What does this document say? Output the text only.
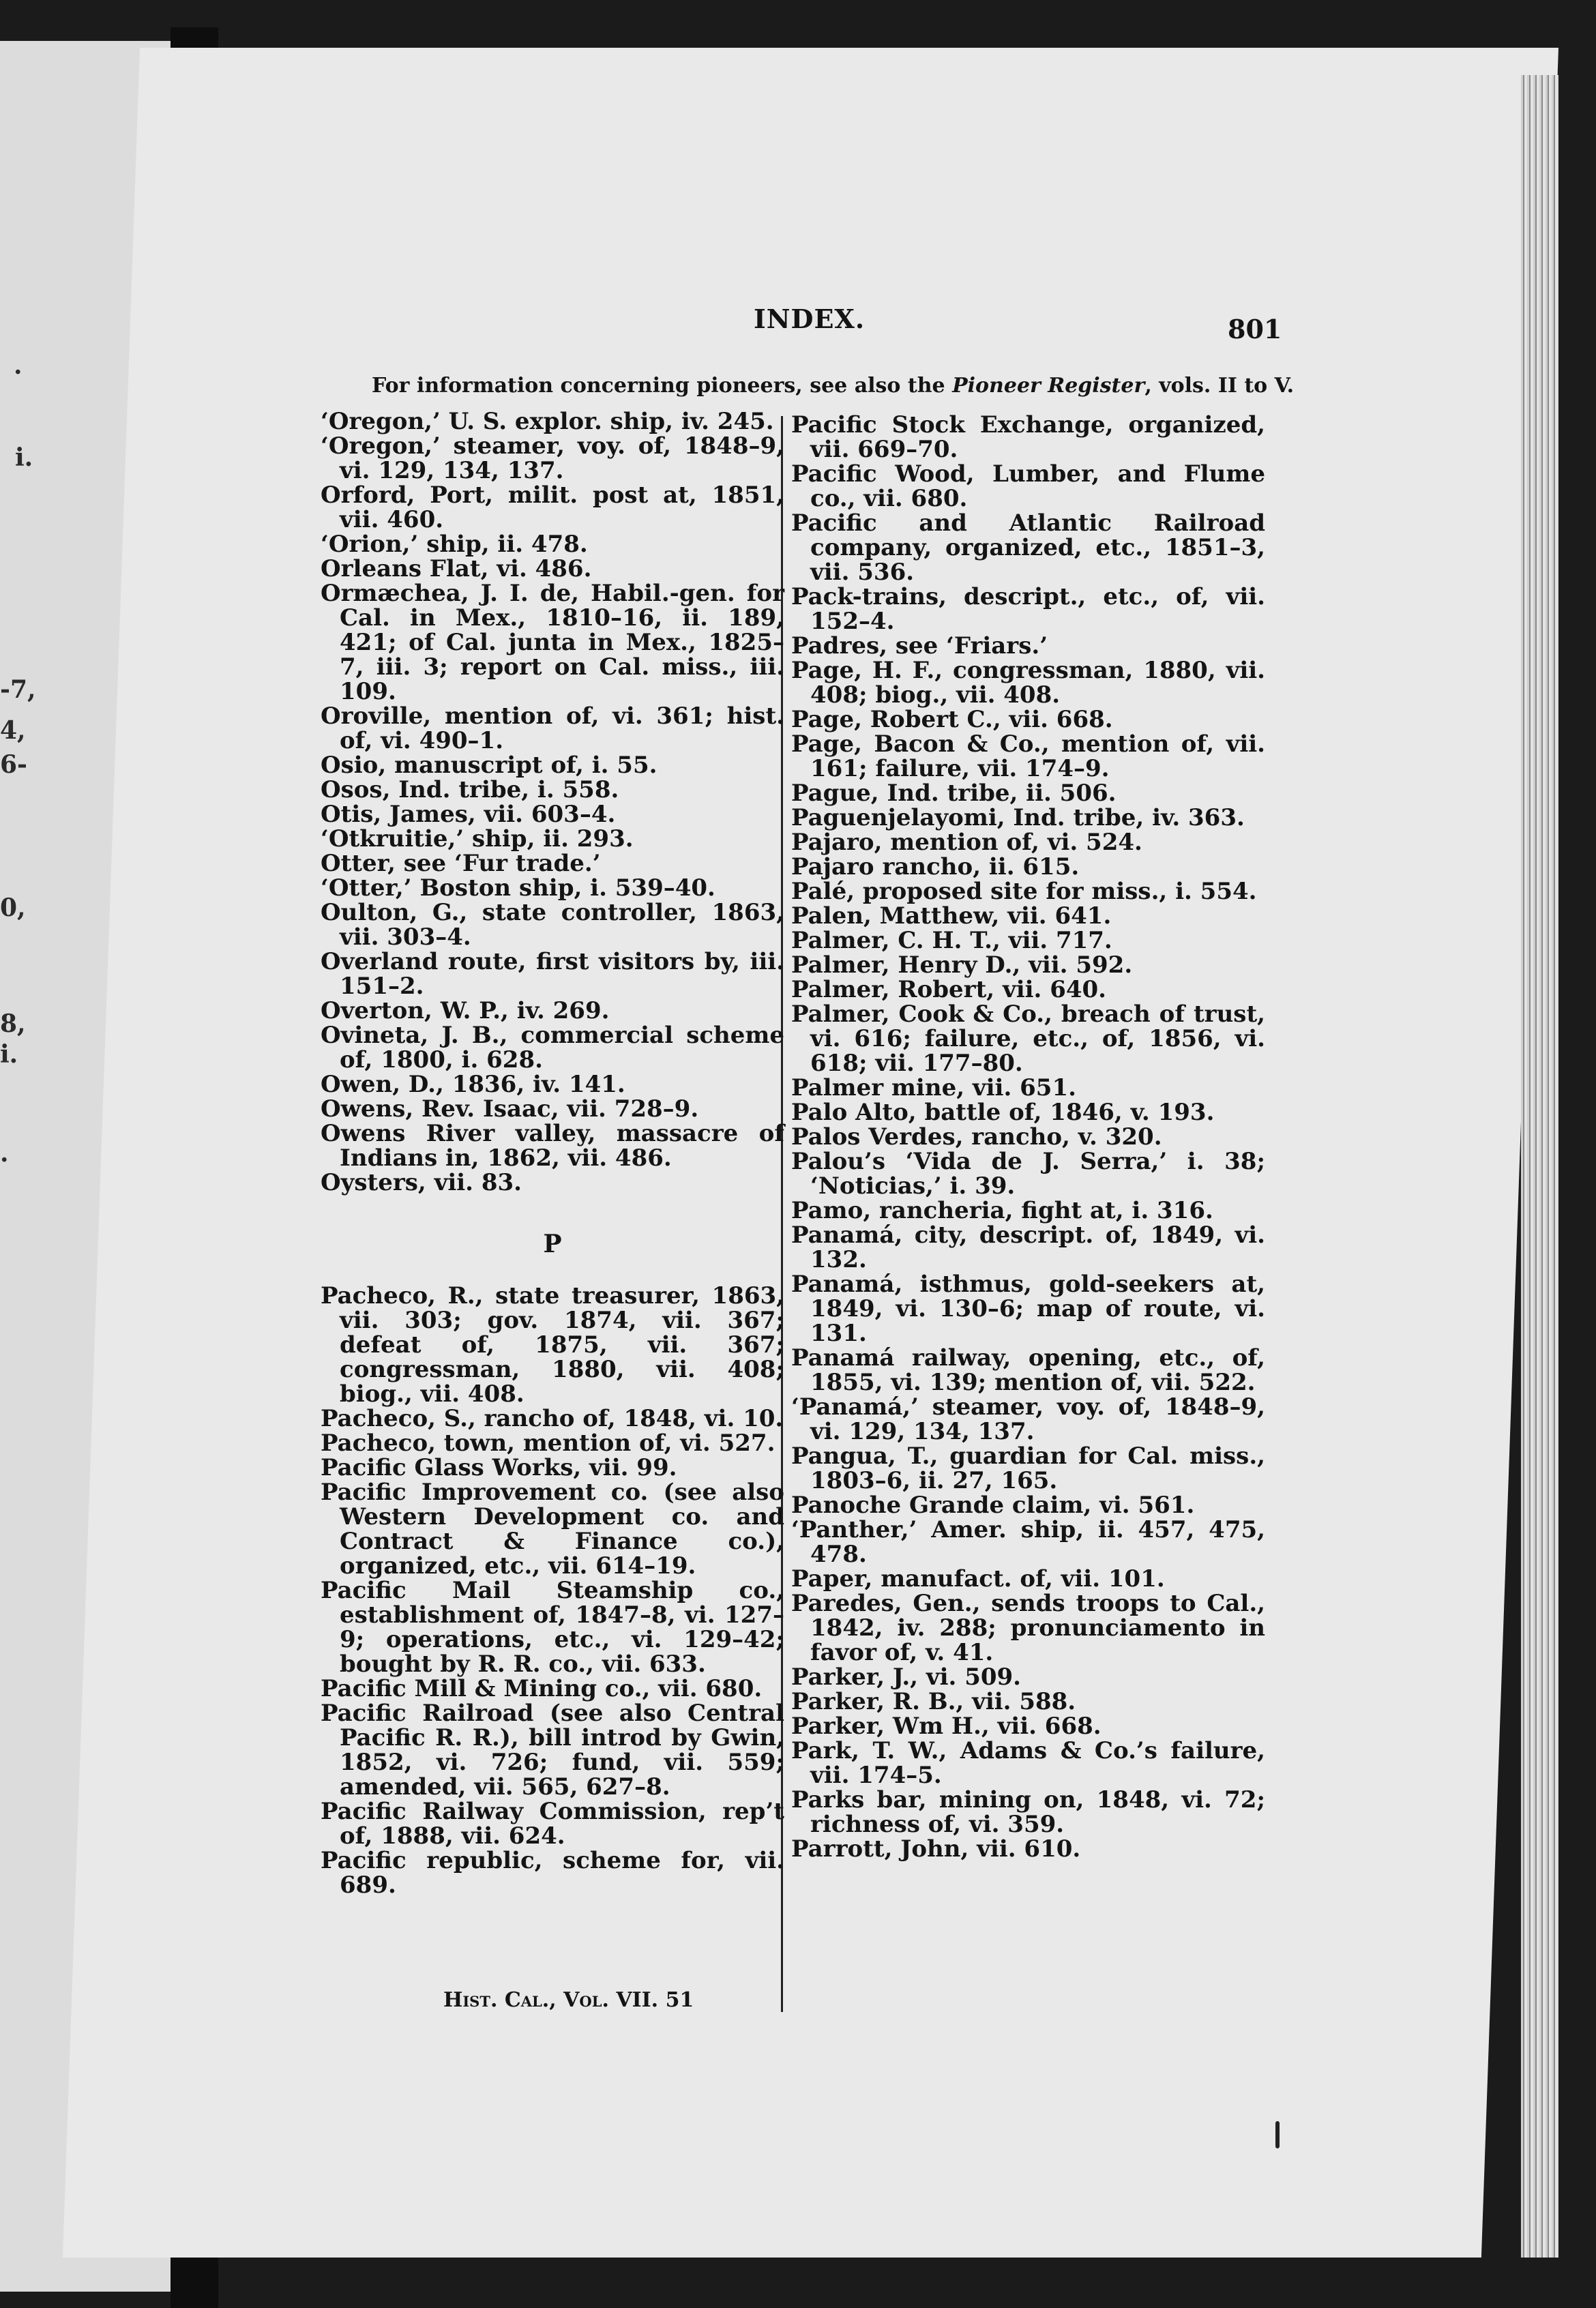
.
i.
-7,
4,
6-
0,
8,
i.
.
INDEX.	801
For information concerning pioneers, see also the Pioneer Register, vols. II to V.

‘Oregon,’ U. S. explor. ship, iv. 245.

‘Oregon,’ steamer, voy. of, 1848–9, vi. 129, 134, 137.

Orford, Port, milit. post at, 1851, vii. 460.

‘Orion,’ ship, ii. 478.

Orleans Flat, vi. 486.

Ormæchea, J. I. de, Habil.-gen. for Cal. in Mex., 1810–16, ii. 189, 421; of Cal. junta in Mex., 1825–7, iii. 3; report on Cal. miss., iii. 109.

Oroville, mention of, vi. 361; hist. of, vi. 490–1.

Osio, manuscript of, i. 55.

Osos, Ind. tribe, i. 558.

Otis, James, vii. 603–4.

‘Otkruitie,’ ship, ii. 293.

Otter, see ‘Fur trade.’

‘Otter,’ Boston ship, i. 539–40.

Oulton, G., state controller, 1863, vii. 303–4.

Overland route, first visitors by, iii. 151–2.

Overton, W. P., iv. 269.

Ovineta, J. B., commercial scheme of, 1800, i. 628.

Owen, D., 1836, iv. 141.

Owens, Rev. Isaac, vii. 728–9.

Owens River valley, massacre of Indians in, 1862, vii. 486.

Oysters, vii. 83.

P

Pacheco, R., state treasurer, 1863, vii. 303; gov. 1874, vii. 367; defeat of, 1875, vii. 367; congressman, 1880, vii. 408; biog., vii. 408.

Pacheco, S., rancho of, 1848, vi. 10.

Pacheco, town, mention of, vi. 527.

Pacific Glass Works, vii. 99.

Pacific Improvement co. (see also Western Development co. and Contract & Finance co.), organized, etc., vii. 614–19.

Pacific Mail Steamship co., establishment of, 1847–8, vi. 127–9; operations, etc., vi. 129–42; bought by R. R. co., vii. 633.

Pacific Mill & Mining co., vii. 680.

Pacific Railroad (see also Central Pacific R. R.), bill introd by Gwin, 1852, vi. 726; fund, vii. 559; amended, vii. 565, 627–8.

Pacific Railway Commission, rep’t of, 1888, vii. 624.

Pacific republic, scheme for, vii. 689.

Pacific Stock Exchange, organized, vii. 669–70.

Pacific Wood, Lumber, and Flume co., vii. 680.

Pacific and Atlantic Railroad company, organized, etc., 1851–3, vii. 536.

Pack-trains, descript., etc., of, vii. 152–4.

Padres, see ‘Friars.’

Page, H. F., congressman, 1880, vii. 408; biog., vii. 408.

Page, Robert C., vii. 668.

Page, Bacon & Co., mention of, vii. 161; failure, vii. 174–9.

Pague, Ind. tribe, ii. 506.

Paguenjelayomi, Ind. tribe, iv. 363.

Pajaro, mention of, vi. 524.

Pajaro rancho, ii. 615.

Palé, proposed site for miss., i. 554.

Palen, Matthew, vii. 641.

Palmer, C. H. T., vii. 717.

Palmer, Henry D., vii. 592.

Palmer, Robert, vii. 640.

Palmer, Cook & Co., breach of trust, vi. 616; failure, etc., of, 1856, vi. 618; vii. 177–80.

Palmer mine, vii. 651.

Palo Alto, battle of, 1846, v. 193.

Palos Verdes, rancho, v. 320.

Palou’s ‘Vida de J. Serra,’ i. 38; ‘Noticias,’ i. 39.

Pamo, rancheria, fight at, i. 316.

Panamá, city, descript. of, 1849, vi. 132.

Panamá, isthmus, gold-seekers at, 1849, vi. 130–6; map of route, vi. 131.

Panamá railway, opening, etc., of, 1855, vi. 139; mention of, vii. 522.

‘Panamá,’ steamer, voy. of, 1848–9, vi. 129, 134, 137.

Pangua, T., guardian for Cal. miss., 1803–6, ii. 27, 165.

Panoche Grande claim, vi. 561.

‘Panther,’ Amer. ship, ii. 457, 475, 478.

Paper, manufact. of, vii. 101.

Paredes, Gen., sends troops to Cal., 1842, iv. 288; pronunciamento in favor of, v. 41.

Parker, J., vi. 509.

Parker, R. B., vii. 588.

Parker, Wm H., vii. 668.

Park, T. W., Adams & Co.’s failure, vii. 174–5.

Parks bar, mining on, 1848, vi. 72; richness of, vi. 359.

Parrott, John, vii. 610.

Hist. Cal., Vol. VII. 51
